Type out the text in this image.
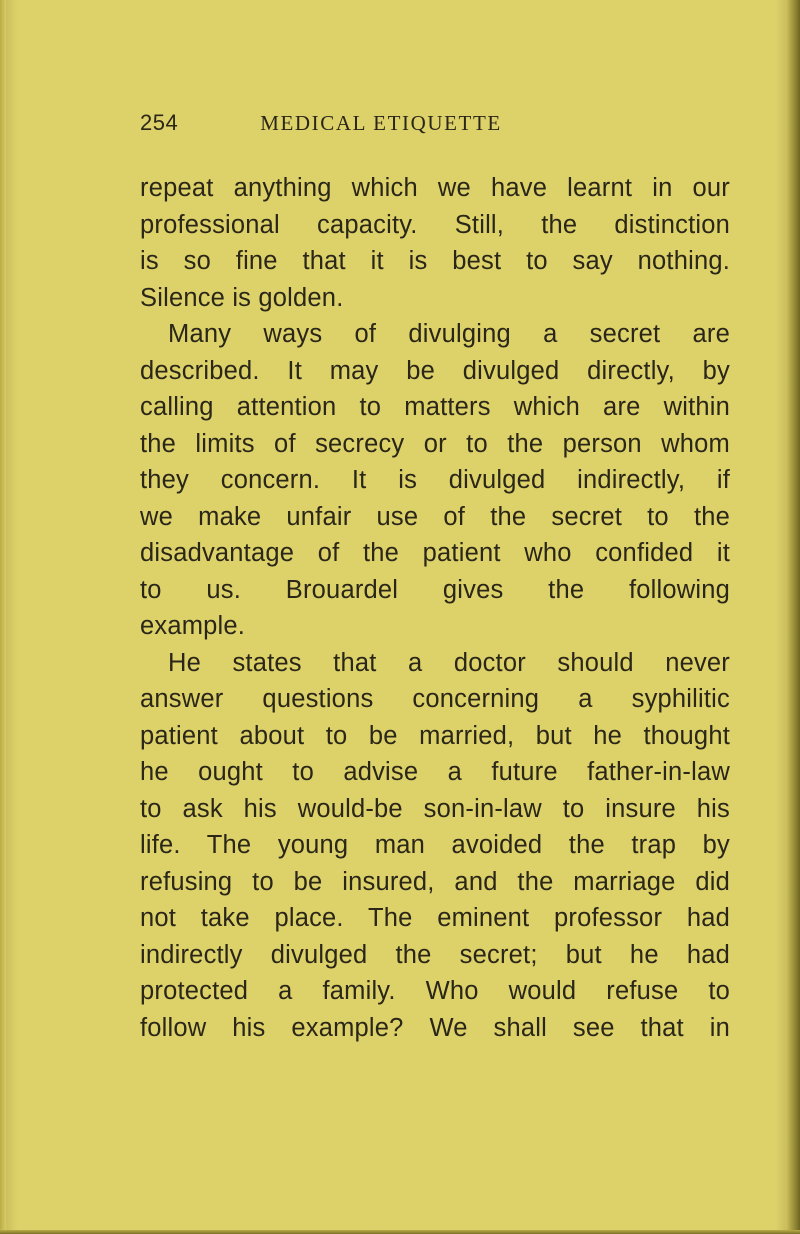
254	MEDICAL ETIQUETTE
repeat anything which we have learnt in our
professional capacity. Still, the distinction
is so fine that it is best to say nothing.
Silence is golden.
Many ways of divulging a secret are
described. It may be divulged directly, by
calling attention to matters which are within
the limits of secrecy or to the person whom
they concern. It is divulged indirectly, if
we make unfair use of the secret to the
disadvantage of the patient who confided it
to us. Brouardel gives the following
example.
He states that a doctor should never
answer questions concerning a syphilitic
patient about to be married, but he thought
he ought to advise a future father-in-law
to ask his would-be son-in-law to insure his
life. The young man avoided the trap by
refusing to be insured, and the marriage did
not take place. The eminent professor had
indirectly divulged the secret; but he had
protected a family. Who would refuse to
follow his example? We shall see that in
